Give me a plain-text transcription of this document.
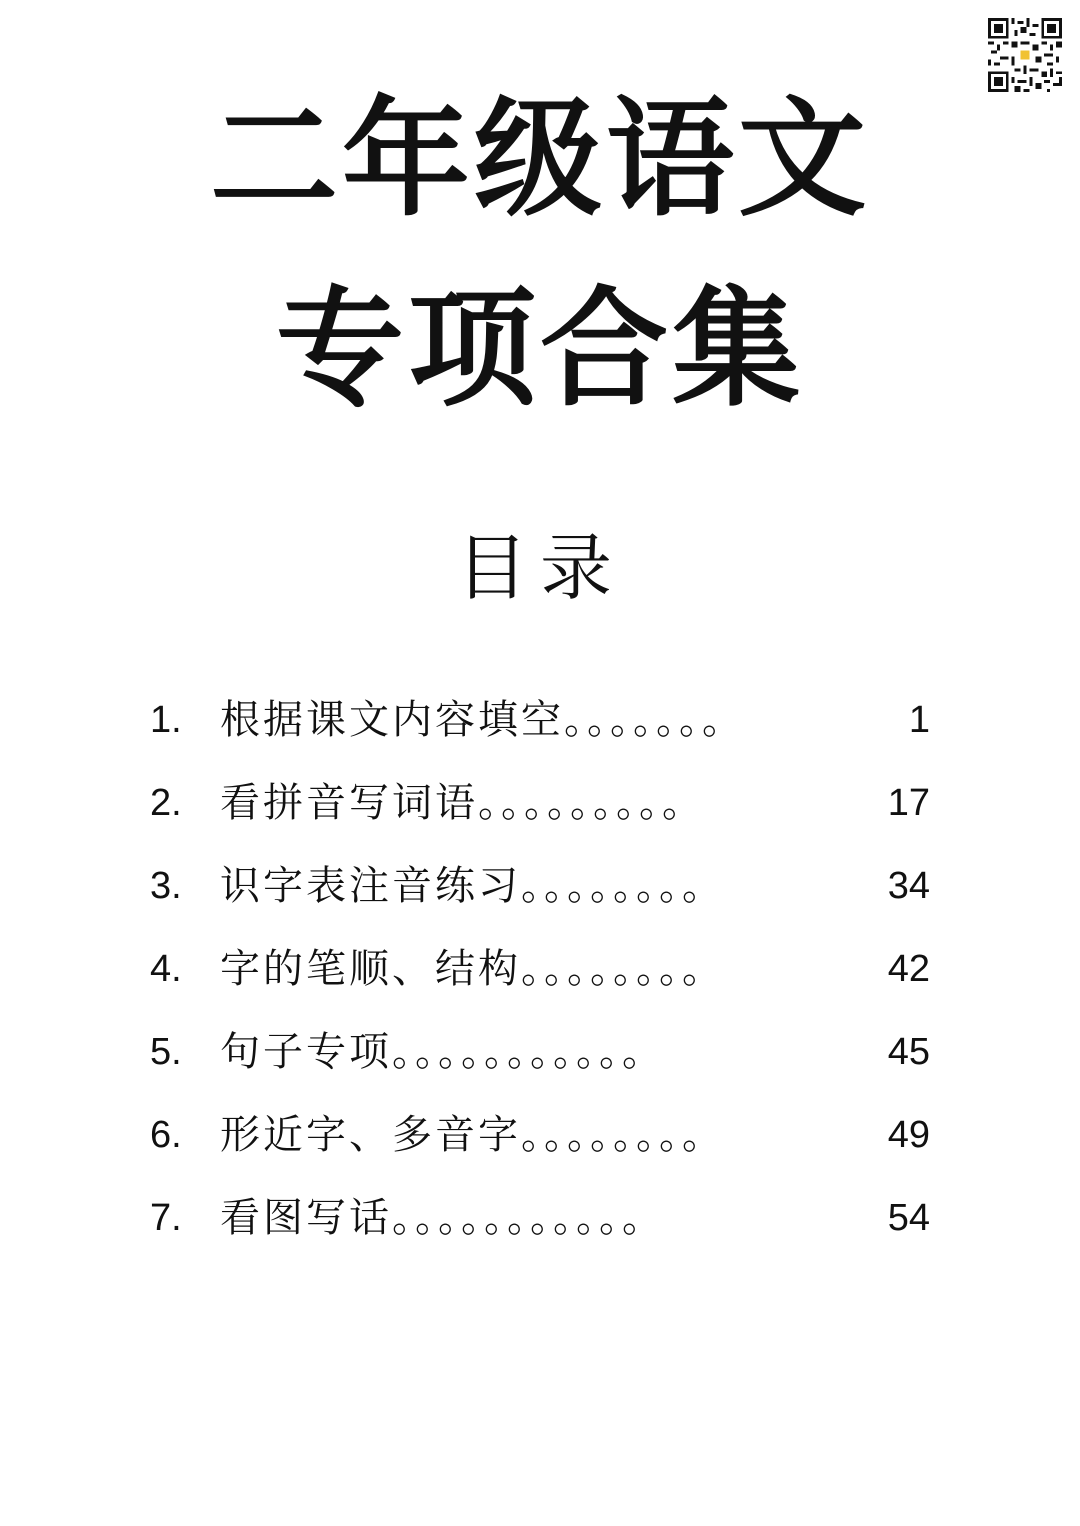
二年级语文
专项合集
目录
1. 根据课文内容填空。。。。。。。	1
2. 看拼音写词语。。。。。。。。。	17
3. 识字表注音练习。。。。。。。。	34
4. 字的笔顺、结构。。。。。。。。	42
5. 句子专项。。。。。。。。。。。	45
6. 形近字、多音字。。。。。。。。	49
7. 看图写话。。。。。。。。。。。	54
